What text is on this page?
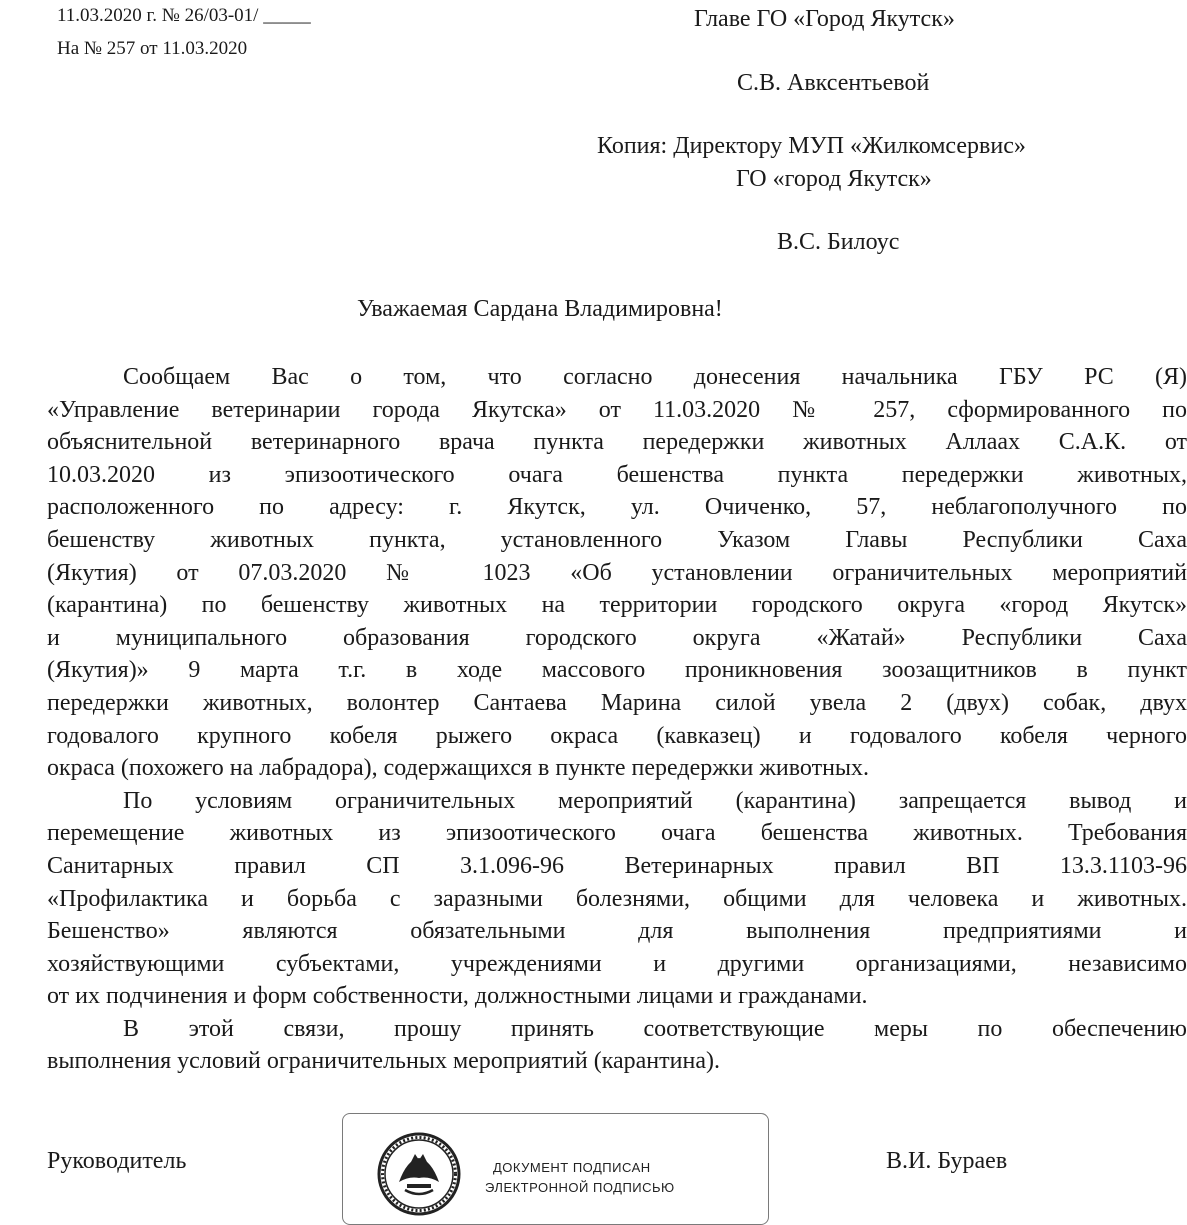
11.03.2020 г. № 26/03-01/ _____
На № 257 от 11.03.2020
Главе ГО «Город Якутск»
С.В. Авксентьевой
Копия: Директору МУП «Жилкомсервис»
ГО «город Якутск»
В.С. Билоус
Уважаемая Сардана Владимировна!
Сообщаем Вас о том, что согласно донесения начальника ГБУ РС (Я)
«Управление ветеринарии города Якутска» от 11.03.2020 № 257, сформированного по
объяснительной ветеринарного врача пункта передержки животных Аллаах С.А.К. от
10.03.2020 из эпизоотического очага бешенства пункта передержки животных,
расположенного по адресу: г. Якутск, ул. Очиченко, 57, неблагополучного по
бешенству животных пункта, установленного Указом Главы Республики Саха
(Якутия) от 07.03.2020 № 1023 «Об установлении ограничительных мероприятий
(карантина) по бешенству животных на территории городского округа «город Якутск»
и муниципального образования городского округа «Жатай» Республики Саха
(Якутия)» 9 марта т.г. в ходе массового проникновения зоозащитников в пункт
передержки животных, волонтер Сантаева Марина силой увела 2 (двух) собак, двух
годовалого крупного кобеля рыжего окраса (кавказец) и годовалого кобеля черного
окраса (похожего на лабрадора), содержащихся в пункте передержки животных.
По условиям ограничительных мероприятий (карантина) запрещается вывод и
перемещение животных из эпизоотического очага бешенства животных. Требования
Санитарных правил СП 3.1.096-96 Ветеринарных правил ВП 13.3.1103-96
«Профилактика и борьба с заразными болезнями, общими для человека и животных.
Бешенство» являются обязательными для выполнения предприятиями и
хозяйствующими субъектами, учреждениями и другими организациями, независимо
от их подчинения и форм собственности, должностными лицами и гражданами.
В этой связи, прошу принять соответствующие меры по обеспечению
выполнения условий ограничительных мероприятий (карантина).
Руководитель	ДОКУМЕНТ ПОДПИСАН
ЭЛЕКТРОННОЙ ПОДПИСЬЮ
В.И. Бураев
